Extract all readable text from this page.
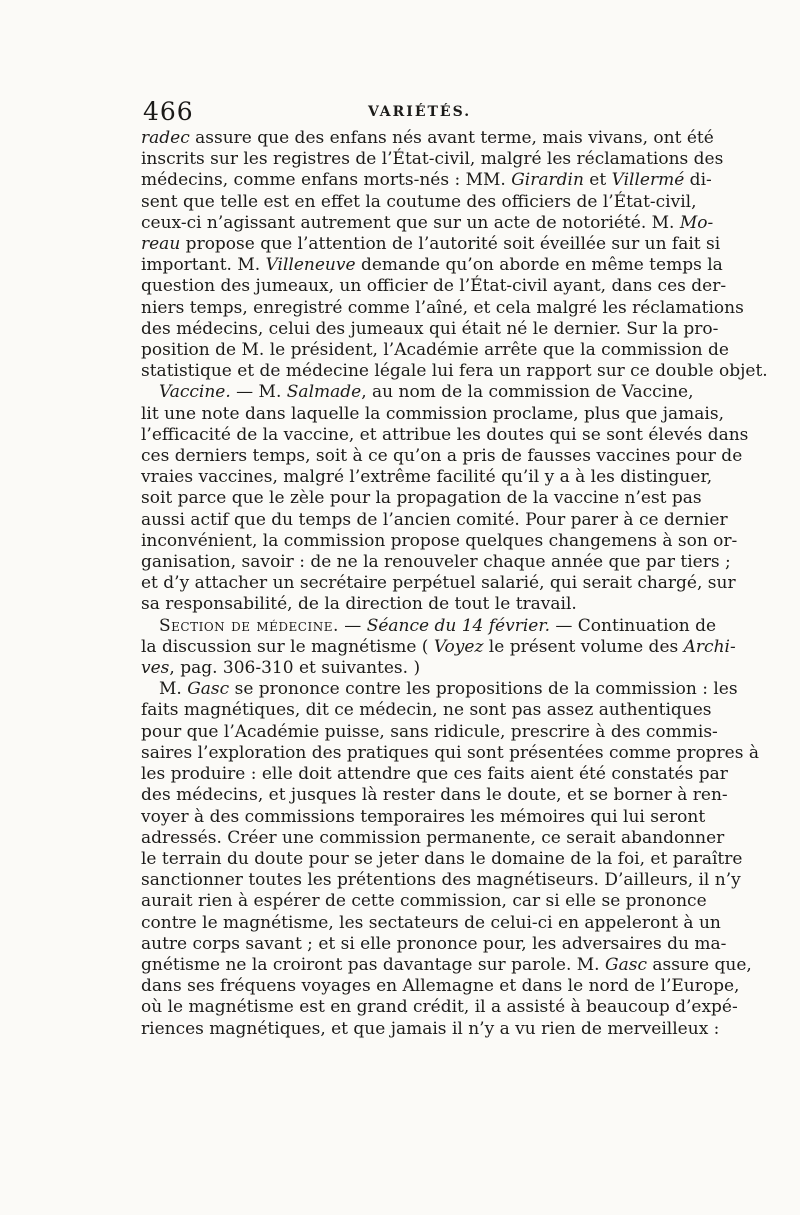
466	VARIÉTÉS.
radec assure que des enfans nés avant terme, mais vivans, ont été
inscrits sur les registres de l’État-civil, malgré les réclamations des
médecins, comme enfans morts-nés : MM. Girardin et Villermé di-
sent que telle est en effet la coutume des officiers de l’État-civil,
ceux-ci n’agissant autrement que sur un acte de notoriété. M. Mo-
reau propose que l’attention de l’autorité soit éveillée sur un fait si
important. M. Villeneuve demande qu’on aborde en même temps la
question des jumeaux, un officier de l’État-civil ayant, dans ces der-
niers temps, enregistré comme l’aîné, et cela malgré les réclamations
des médecins, celui des jumeaux qui était né le dernier. Sur la pro-
position de M. le président, l’Académie arrête que la commission de
statistique et de médecine légale lui fera un rapport sur ce double objet.
Vaccine. — M. Salmade, au nom de la commission de Vaccine,
lit une note dans laquelle la commission proclame, plus que jamais,
l’efficacité de la vaccine, et attribue les doutes qui se sont élevés dans
ces derniers temps, soit à ce qu’on a pris de fausses vaccines pour de
vraies vaccines, malgré l’extrême facilité qu’il y a à les distinguer,
soit parce que le zèle pour la propagation de la vaccine n’est pas
aussi actif que du temps de l’ancien comité. Pour parer à ce dernier
inconvénient, la commission propose quelques changemens à son or-
ganisation, savoir : de ne la renouveler chaque année que par tiers ;
et d’y attacher un secrétaire perpétuel salarié, qui serait chargé, sur
sa responsabilité, de la direction de tout le travail.
Section de médecine. — Séance du 14 février. — Continuation de
la discussion sur le magnétisme ( Voyez le présent volume des Archi-
ves, pag. 306-310 et suivantes. )
M. Gasc se prononce contre les propositions de la commission : les
faits magnétiques, dit ce médecin, ne sont pas assez authentiques
pour que l’Académie puisse, sans ridicule, prescrire à des commis-
saires l’exploration des pratiques qui sont présentées comme propres à
les produire : elle doit attendre que ces faits aient été constatés par
des médecins, et jusques là rester dans le doute, et se borner à ren-
voyer à des commissions temporaires les mémoires qui lui seront
adressés. Créer une commission permanente, ce serait abandonner
le terrain du doute pour se jeter dans le domaine de la foi, et paraître
sanctionner toutes les prétentions des magnétiseurs. D’ailleurs, il n’y
aurait rien à espérer de cette commission, car si elle se prononce
contre le magnétisme, les sectateurs de celui-ci en appeleront à un
autre corps savant ; et si elle prononce pour, les adversaires du ma-
gnétisme ne la croiront pas davantage sur parole. M. Gasc assure que,
dans ses fréquens voyages en Allemagne et dans le nord de l’Europe,
où le magnétisme est en grand crédit, il a assisté à beaucoup d’expé-
riences magnétiques, et que jamais il n’y a vu rien de merveilleux :
